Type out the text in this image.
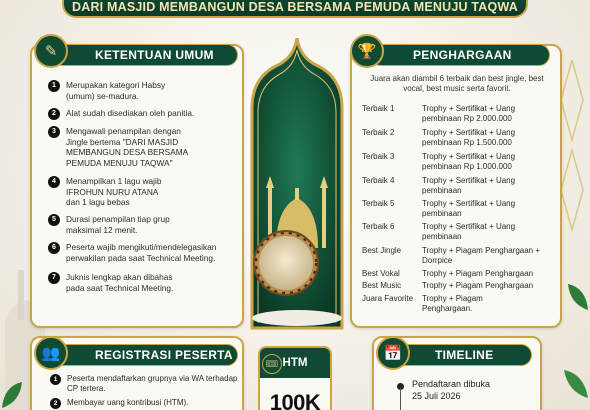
DARI MASJID MEMBANGUN DESA BERSAMA PEMUDA MENUJU TAQWA
KETENTUAN UMUM
✎
1	Merupakan kategori Habsy (umum) se-madura.
2	Alat sudah disediakan oleh panitia.
3	Mengawali penampilan dengan Jingle bertema "DARI MASJID MEMBANGUN DESA BERSAMA PEMUDA MENUJU TAQWA"
4	Menampilkan 1 lagu wajib IFROHUN NURU ATANA dan 1 lagu bebas
5	Durasi penampilan tiap grup maksimal 12 menit.
6	Peserta wajib mengikuti/mendelegasikan perwakilan pada saat Technical Meeting.
7	Juknis lengkap akan dibahas pada saat Technical Meeting.
PENGHARGAAN
🏆
Juara akan diambil 6 terbaik dan best jingle, best vocal, best music serta favorit.
Terbaik 1	Trophy + Sertifikat + Uang pembinaan Rp 2.000.000
Terbaik 2	Trophy + Sertifikat + Uang pembinaan Rp 1.500.000
Terbaik 3	Trophy + Sertifikat + Uang pembinaan Rp 1.000.000
Terbaik 4	Trophy + Sertifikat + Uang pembinaan
Terbaik 5	Trophy + Sertifikat + Uang pembinaan
Terbaik 6	Trophy + Sertifikat + Uang pembinaan
Best Jingle	Trophy + Piagam Penghargaan + Dorrpice
Best Vokal	Trophy + Piagam Penghargaan
Best Music	Trophy + Piagam Penghargaan
Juara Favorite	Trophy + Piagam Penghargaan.
REGISTRASI PESERTA
👥
1	Peserta mendaftarkan grupnya via WA terhadap CP tertera.
2	Membayar uang kontribusi (HTM).
HTM
100K
🎟
TIMELINE
📅
Pendaftaran dibuka
25 Juli 2026
